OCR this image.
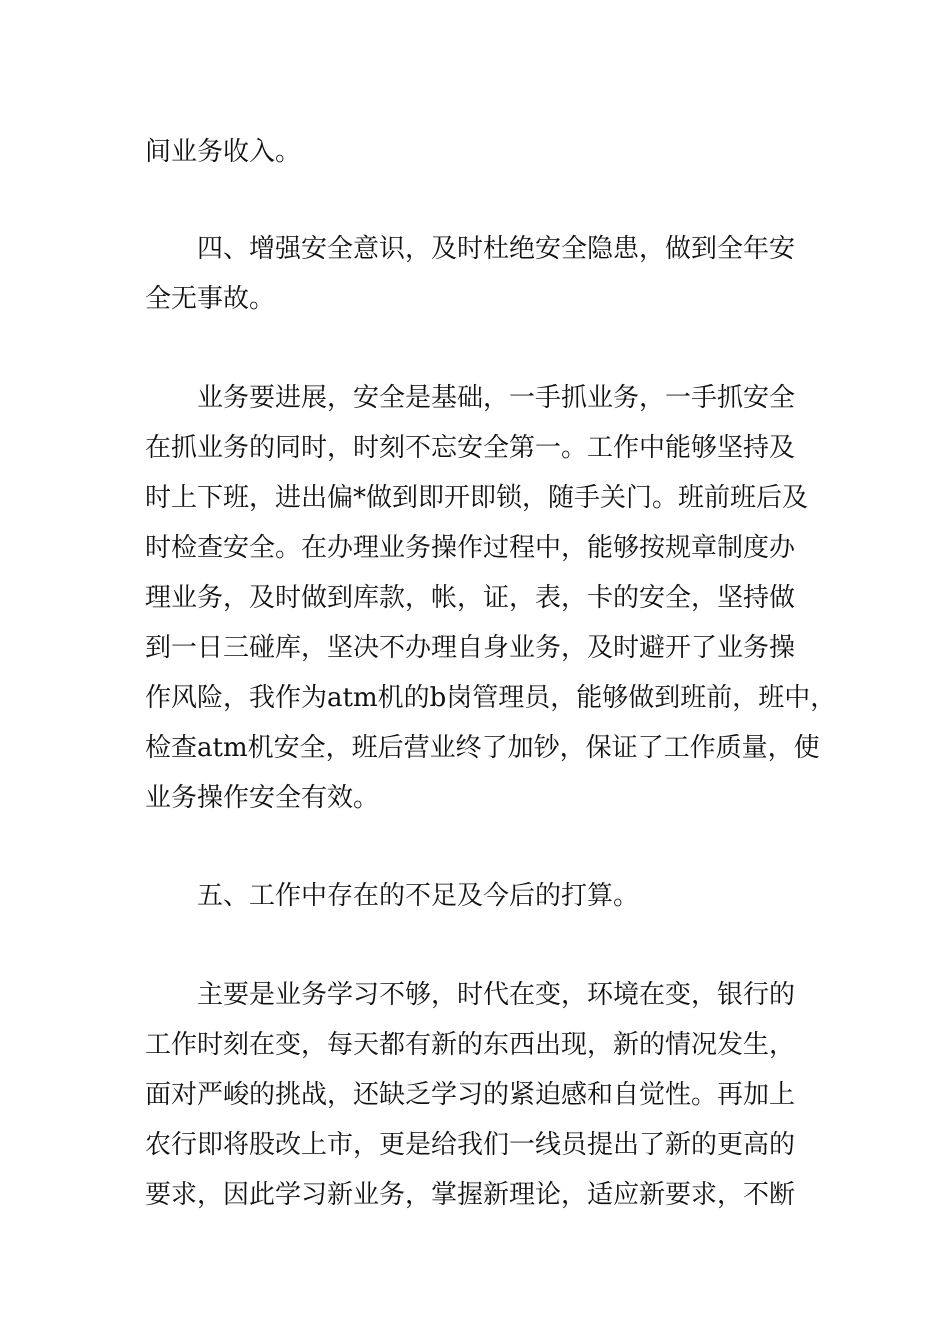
间业务收入。
四、增强安全意识，及时杜绝安全隐患，做到全年安
全无事故。
业务要进展，安全是基础，一手抓业务，一手抓安全
在抓业务的同时，时刻不忘安全第一。工作中能够坚持及
时上下班，进出偏*做到即开即锁，随手关门。班前班后及
时检查安全。在办理业务操作过程中，能够按规章制度办
理业务，及时做到库款，帐，证，表，卡的安全，坚持做
到一日三碰库，坚决不办理自身业务，及时避开了业务操
作风险，我作为atm机的b岗管理员，能够做到班前，班中，
检查atm机安全，班后营业终了加钞，保证了工作质量，使
业务操作安全有效。
五、工作中存在的不足及今后的打算。
主要是业务学习不够，时代在变，环境在变，银行的
工作时刻在变，每天都有新的东西出现，新的情况发生，
面对严峻的挑战，还缺乏学习的紧迫感和自觉性。再加上
农行即将股改上市，更是给我们一线员提出了新的更高的
要求，因此学习新业务，掌握新理论，适应新要求，不断
